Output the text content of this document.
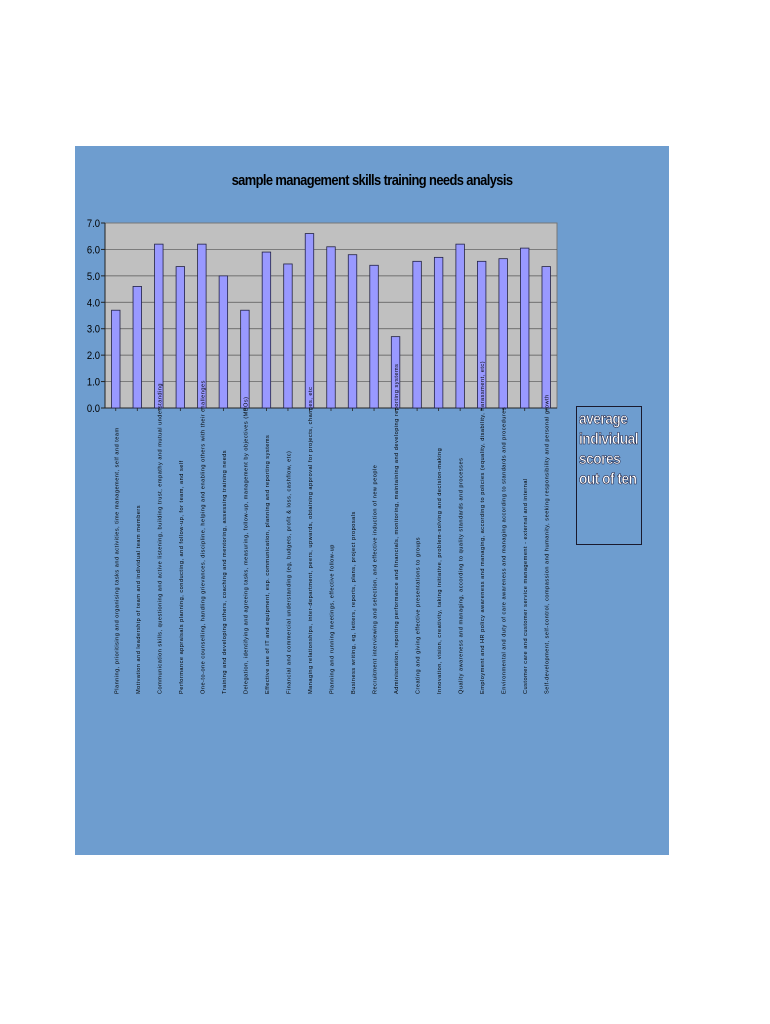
sample management skills training needs analysis
0.0
1.0
2.0
3.0
4.0
5.0
6.0
7.0
Planning, prioritising and organising tasks and activities, time management, self and team	Motivation and leadership of team and individual team members	Communication skills, questioning and active listening, building trust, empathy and mutual understanding	Performance appraisals planning, conducting, and follow-up, for team, and self	One-to-one counselling, handling grievances, discipline, helping and enabling others with their challenges	Training and developing others, coaching and mentoring, assessing training needs	Delegation, identifying and agreeing tasks, measuring, follow-up, management by objectives (MBOs)	Effective use of IT and equipment, esp. communication, planning and reporting systems	Financial and commercial understanding (eg, budgets, profit & loss, cashflow, etc)	Managing relationships, inter-department, peers, upwards, obtaining approval for projects, changes, etc	Planning and running meetings, effective follow-up	Business writing, eg, letters, reports, plans, project proposals	Recruitment interviewing and selection, and effective induction of new people	Administration, reporting performance and financials, monitoring, maintaining and developing reporting systems	Creating and giving effective presentations to groups	Innovation, vision, creativity, taking initiative, problem-solving and decision-making	Quality awareness and managing, according to quality standards and processes	Employment and HR policy awareness and managing, according to policies (equality, disability, harassment, etc)	Environmental and duty of care awareness and managing according to standards and procedures	Customer care and customer service management - external and internal	Self-development, self-control, compassion and humanity, seeking responsibility and personal growth average individual scores out of ten
